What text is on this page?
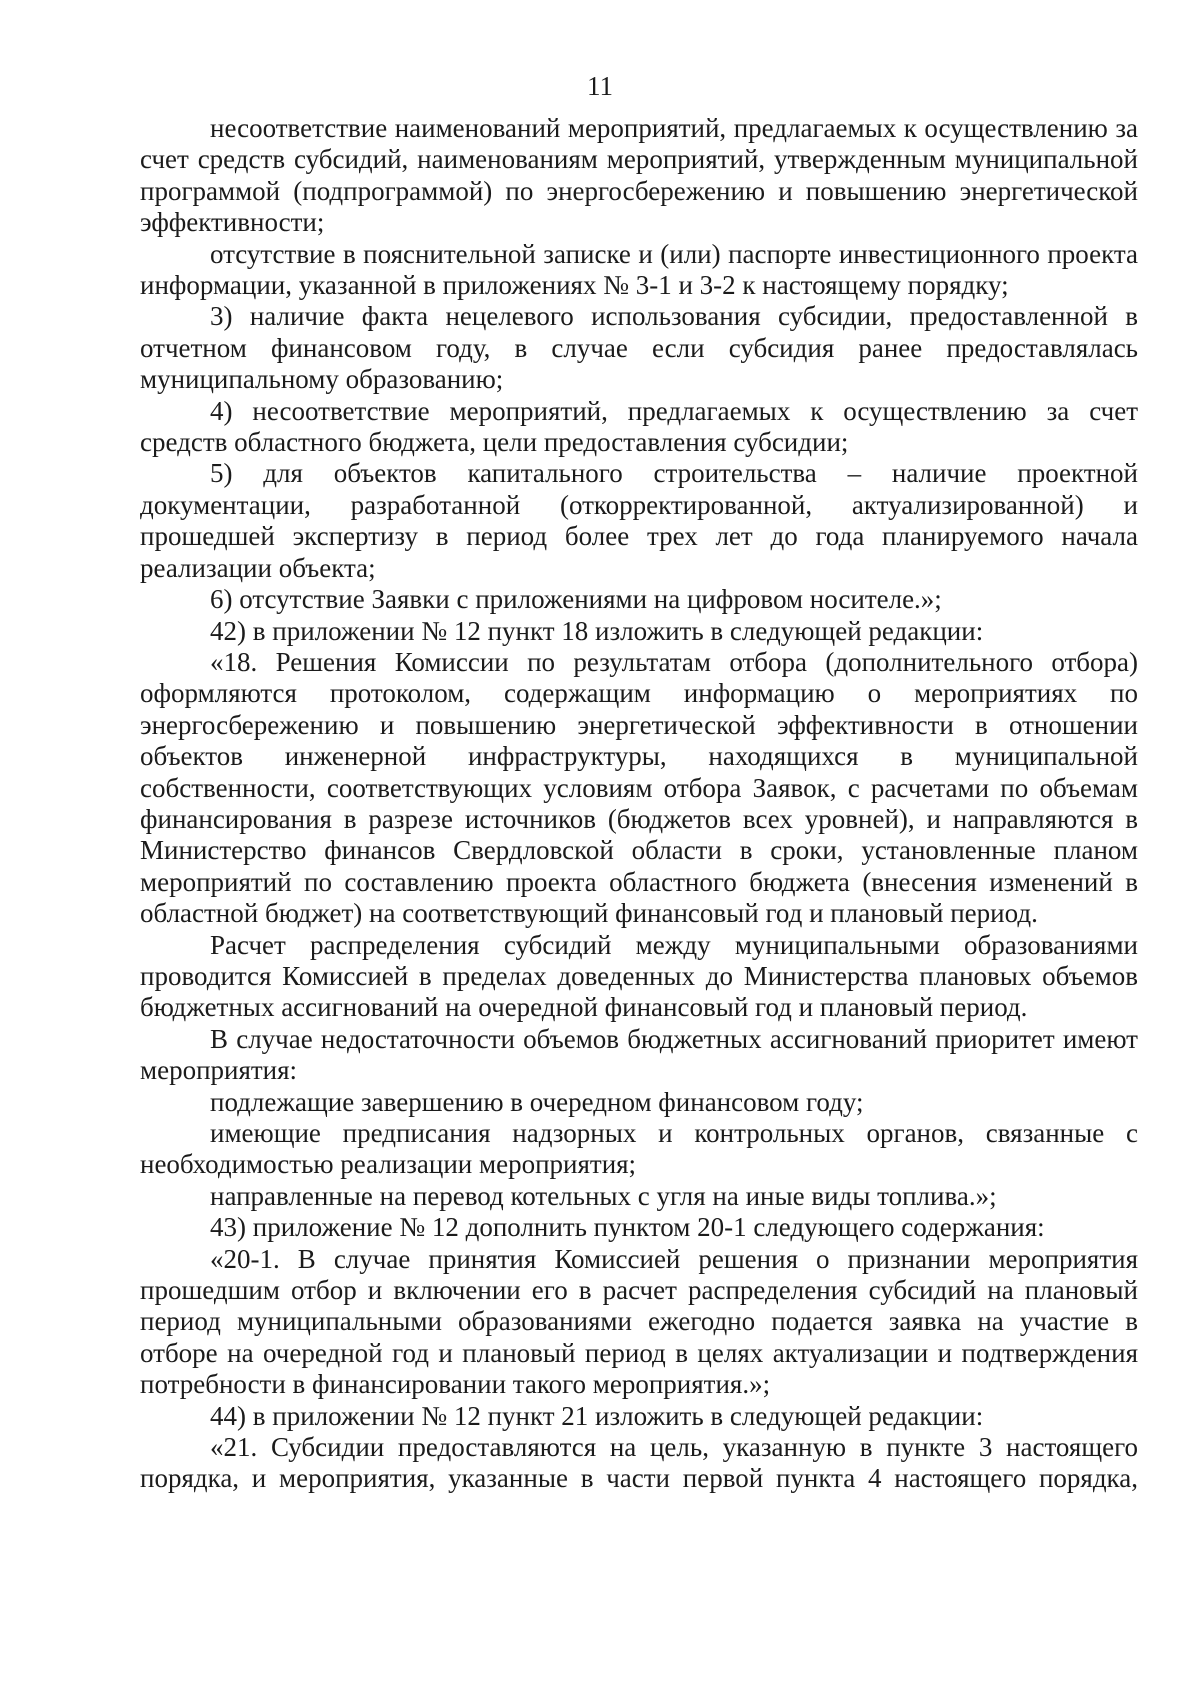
11

несоответствие наименований мероприятий, предлагаемых к осуществлению за счет средств субсидий, наименованиям мероприятий, утвержденным муниципальной программой (подпрограммой) по энергосбережению и повышению энергетической эффективности;

отсутствие в пояснительной записке и (или) паспорте инвестиционного проекта информации, указанной в приложениях № 3-1 и 3-2 к настоящему порядку;

3) наличие факта нецелевого использования субсидии, предоставленной в отчетном финансовом году, в случае если субсидия ранее предоставлялась муниципальному образованию;

4) несоответствие мероприятий, предлагаемых к осуществлению за счет средств областного бюджета, цели предоставления субсидии;

5) для объектов капитального строительства – наличие проектной документации, разработанной (откорректированной, актуализированной) и прошедшей экспертизу в период более трех лет до года планируемого начала реализации объекта;

6) отсутствие Заявки с приложениями на цифровом носителе.»;

42) в приложении № 12 пункт 18 изложить в следующей редакции:

«18. Решения Комиссии по результатам отбора (дополнительного отбора) оформляются протоколом, содержащим информацию о мероприятиях по энергосбережению и повышению энергетической эффективности в отношении объектов инженерной инфраструктуры, находящихся в муниципальной собственности, соответствующих условиям отбора Заявок, с расчетами по объемам финансирования в разрезе источников (бюджетов всех уровней), и направляются в Министерство финансов Свердловской области в сроки, установленные планом мероприятий по составлению проекта областного бюджета (внесения изменений в областной бюджет) на соответствующий финансовый год и плановый период.

Расчет распределения субсидий между муниципальными образованиями проводится Комиссией в пределах доведенных до Министерства плановых объемов бюджетных ассигнований на очередной финансовый год и плановый период.

В случае недостаточности объемов бюджетных ассигнований приоритет имеют мероприятия:

подлежащие завершению в очередном финансовом году;

имеющие предписания надзорных и контрольных органов, связанные с необходимостью реализации мероприятия;

направленные на перевод котельных с угля на иные виды топлива.»;

43) приложение № 12 дополнить пунктом 20-1 следующего содержания:

«20-1. В случае принятия Комиссией решения о признании мероприятия прошедшим отбор и включении его в расчет распределения субсидий на плановый период муниципальными образованиями ежегодно подается заявка на участие в отборе на очередной год и плановый период в целях актуализации и подтверждения потребности в финансировании такого мероприятия.»;

44) в приложении № 12 пункт 21 изложить в следующей редакции:

«21. Субсидии предоставляются на цель, указанную в пункте 3 настоящего порядка, и мероприятия, указанные в части первой пункта 4 настоящего порядка,
